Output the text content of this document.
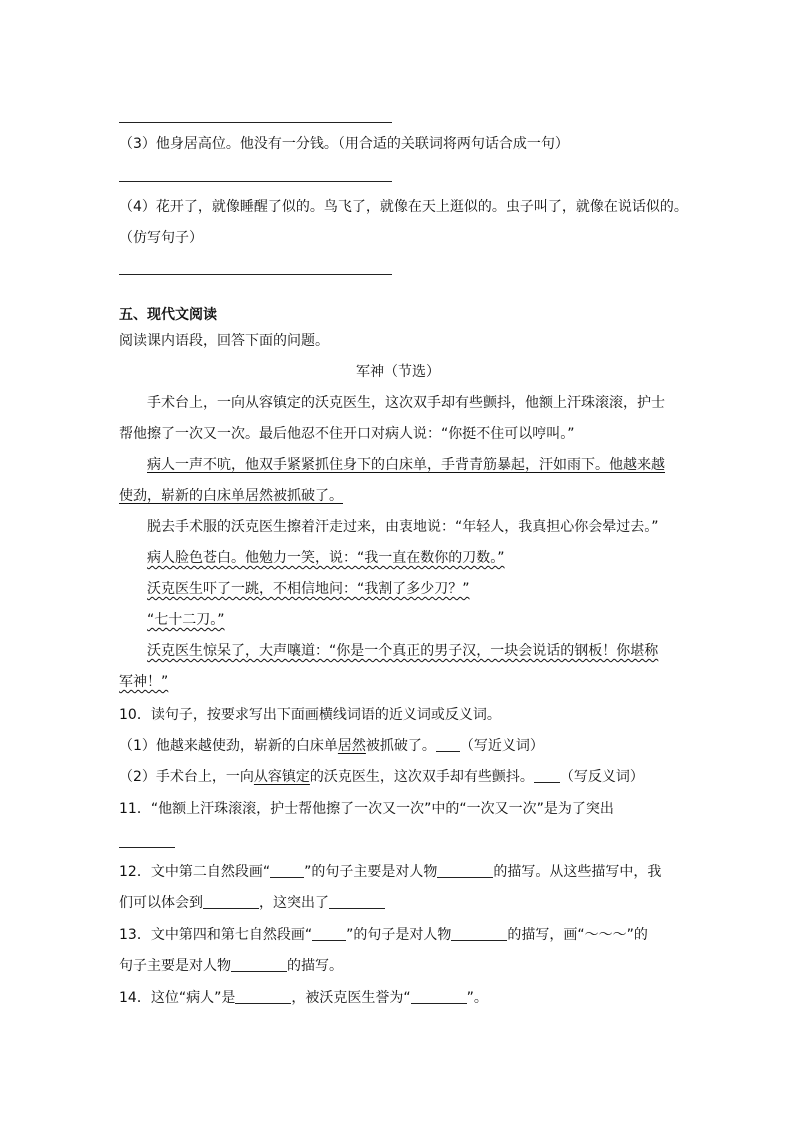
（3）他身居高位。他没有一分钱。（用合适的关联词将两句话合成一句）
（4）花开了，就像睡醒了似的。鸟飞了，就像在天上逛似的。虫子叫了，就像在说话似的。
（仿写句子）
五、现代文阅读
阅读课内语段，回答下面的问题。
军神（节选）
手术台上，一向从容镇定的沃克医生，这次双手却有些颤抖，他额上汗珠滚滚，护士
帮他擦了一次又一次。最后他忍不住开口对病人说：“你挺不住可以哼叫。”
病人一声不吭，他双手紧紧抓住身下的白床单，手背青筋暴起，汗如雨下。他越来越
使劲，崭新的白床单居然被抓破了。
脱去手术服的沃克医生擦着汗走过来，由衷地说：“年轻人，我真担心你会晕过去。”
病人脸色苍白。他勉力一笑，说：“我一直在数你的刀数。”
沃克医生吓了一跳，不相信地问：“我割了多少刀？”
“七十二刀。”
沃克医生惊呆了，大声嚷道：“你是一个真正的男子汉，一块会说话的钢板！你堪称
军神！”
10．读句子，按要求写出下面画横线词语的近义词或反义词。
（1）他越来越使劲，崭新的白床单居然被抓破了。 （写近义词）
（2）手术台上，一向从容镇定的沃克医生，这次双手却有些颤抖。 （写反义词）
11．“他额上汗珠滚滚，护士帮他擦了一次又一次”中的“一次又一次”是为了突出
12．文中第二自然段画“ ”的句子主要是对人物	的描写。从这些描写中，我
们可以体会到	，这突出了
13．文中第四和第七自然段画“ ”的句子是对人物	的描写，画“～～～”的
句子主要是对人物	的描写。
14．这位“病人”是	，被沃克医生誉为“	”。
